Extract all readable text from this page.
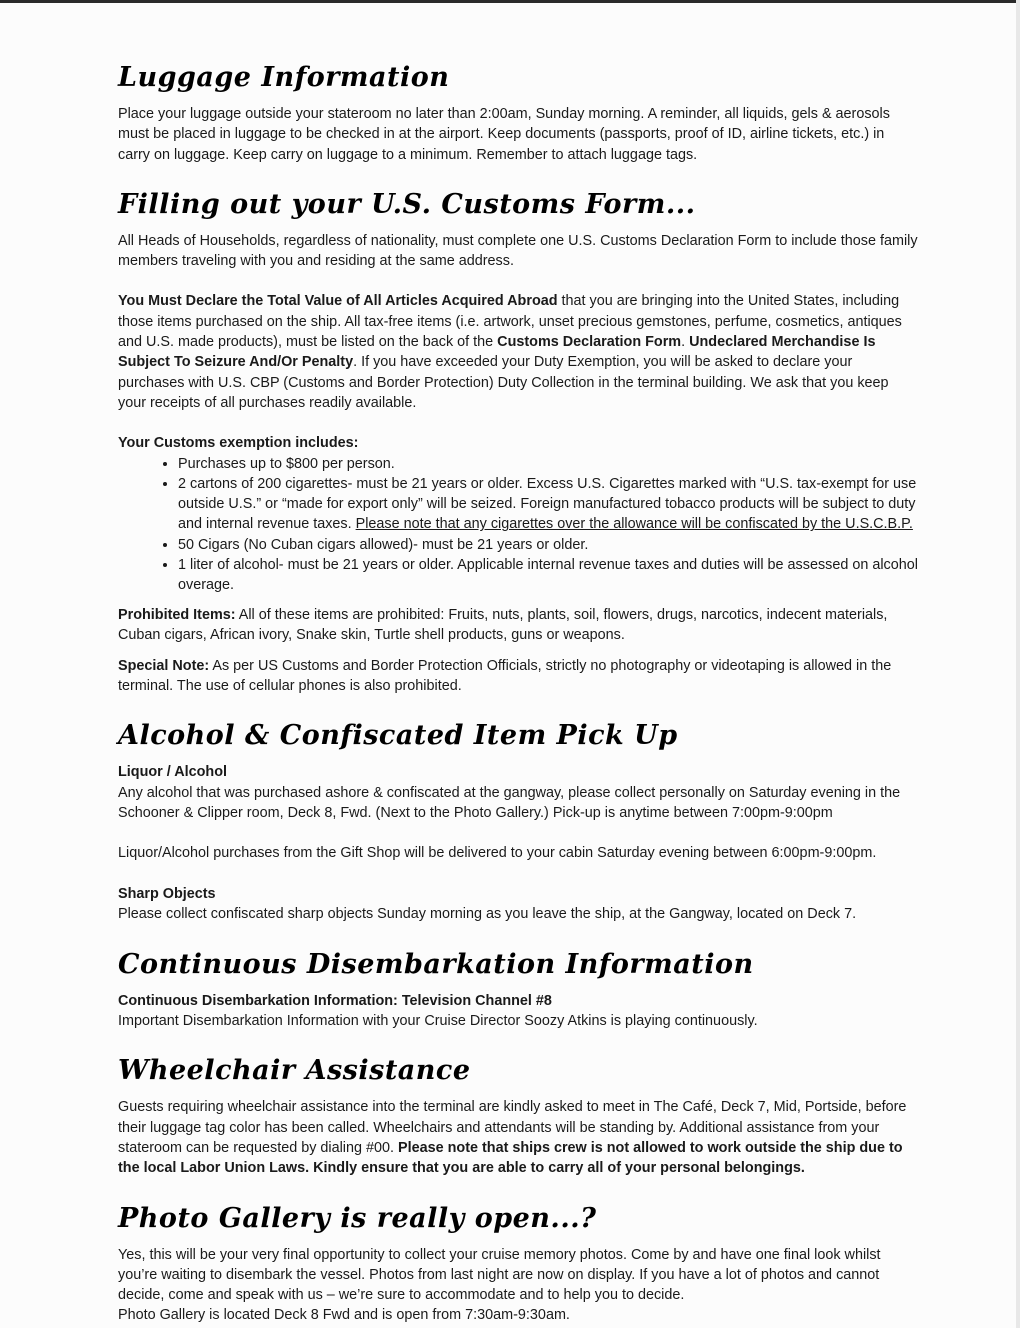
Luggage Information

Place your luggage outside your stateroom no later than 2:00am, Sunday morning. A reminder, all liquids, gels & aerosols must be placed in luggage to be checked in at the airport. Keep documents (passports, proof of ID, airline tickets, etc.) in carry on luggage. Keep carry on luggage to a minimum. Remember to attach luggage tags.

Filling out your U.S. Customs Form...

All Heads of Households, regardless of nationality, must complete one U.S. Customs Declaration Form to include those family members traveling with you and residing at the same address.

You Must Declare the Total Value of All Articles Acquired Abroad that you are bringing into the United States, including those items purchased on the ship. All tax-free items (i.e. artwork, unset precious gemstones, perfume, cosmetics, antiques and U.S. made products), must be listed on the back of the Customs Declaration Form. Undeclared Merchandise Is Subject To Seizure And/Or Penalty. If you have exceeded your Duty Exemption, you will be asked to declare your purchases with U.S. CBP (Customs and Border Protection) Duty Collection in the terminal building. We ask that you keep your receipts of all purchases readily available.

Your Customs exemption includes:
• Purchases up to $800 per person.
• 2 cartons of 200 cigarettes- must be 21 years or older. Excess U.S. Cigarettes marked with “U.S. tax-exempt for use outside U.S.” or “made for export only” will be seized. Foreign manufactured tobacco products will be subject to duty and internal revenue taxes. Please note that any cigarettes over the allowance will be confiscated by the U.S.C.B.P.
• 50 Cigars (No Cuban cigars allowed)- must be 21 years or older.
• 1 liter of alcohol- must be 21 years or older. Applicable internal revenue taxes and duties will be assessed on alcohol overage.

Prohibited Items: All of these items are prohibited: Fruits, nuts, plants, soil, flowers, drugs, narcotics, indecent materials, Cuban cigars, African ivory, Snake skin, Turtle shell products, guns or weapons.

Special Note: As per US Customs and Border Protection Officials, strictly no photography or videotaping is allowed in the terminal. The use of cellular phones is also prohibited.

Alcohol & Confiscated Item Pick Up
Liquor / Alcohol

Any alcohol that was purchased ashore & confiscated at the gangway, please collect personally on Saturday evening in the Schooner & Clipper room, Deck 8, Fwd. (Next to the Photo Gallery.) Pick-up is anytime between 7:00pm-9:00pm

Liquor/Alcohol purchases from the Gift Shop will be delivered to your cabin Saturday evening between 6:00pm-9:00pm.

Sharp Objects

Please collect confiscated sharp objects Sunday morning as you leave the ship, at the Gangway, located on Deck 7.

Continuous Disembarkation Information
Continuous Disembarkation Information: Television Channel #8

Important Disembarkation Information with your Cruise Director Soozy Atkins is playing continuously.

Wheelchair Assistance

Guests requiring wheelchair assistance into the terminal are kindly asked to meet in The Café, Deck 7, Mid, Portside, before their luggage tag color has been called. Wheelchairs and attendants will be standing by. Additional assistance from your stateroom can be requested by dialing #00. Please note that ships crew is not allowed to work outside the ship due to the local Labor Union Laws. Kindly ensure that you are able to carry all of your personal belongings.

Photo Gallery is really open...?

Yes, this will be your very final opportunity to collect your cruise memory photos. Come by and have one final look whilst you’re waiting to disembark the vessel. Photos from last night are now on display. If you have a lot of photos and cannot decide, come and speak with us – we’re sure to accommodate and to help you to decide.

Photo Gallery is located Deck 8 Fwd and is open from 7:30am-9:30am.
